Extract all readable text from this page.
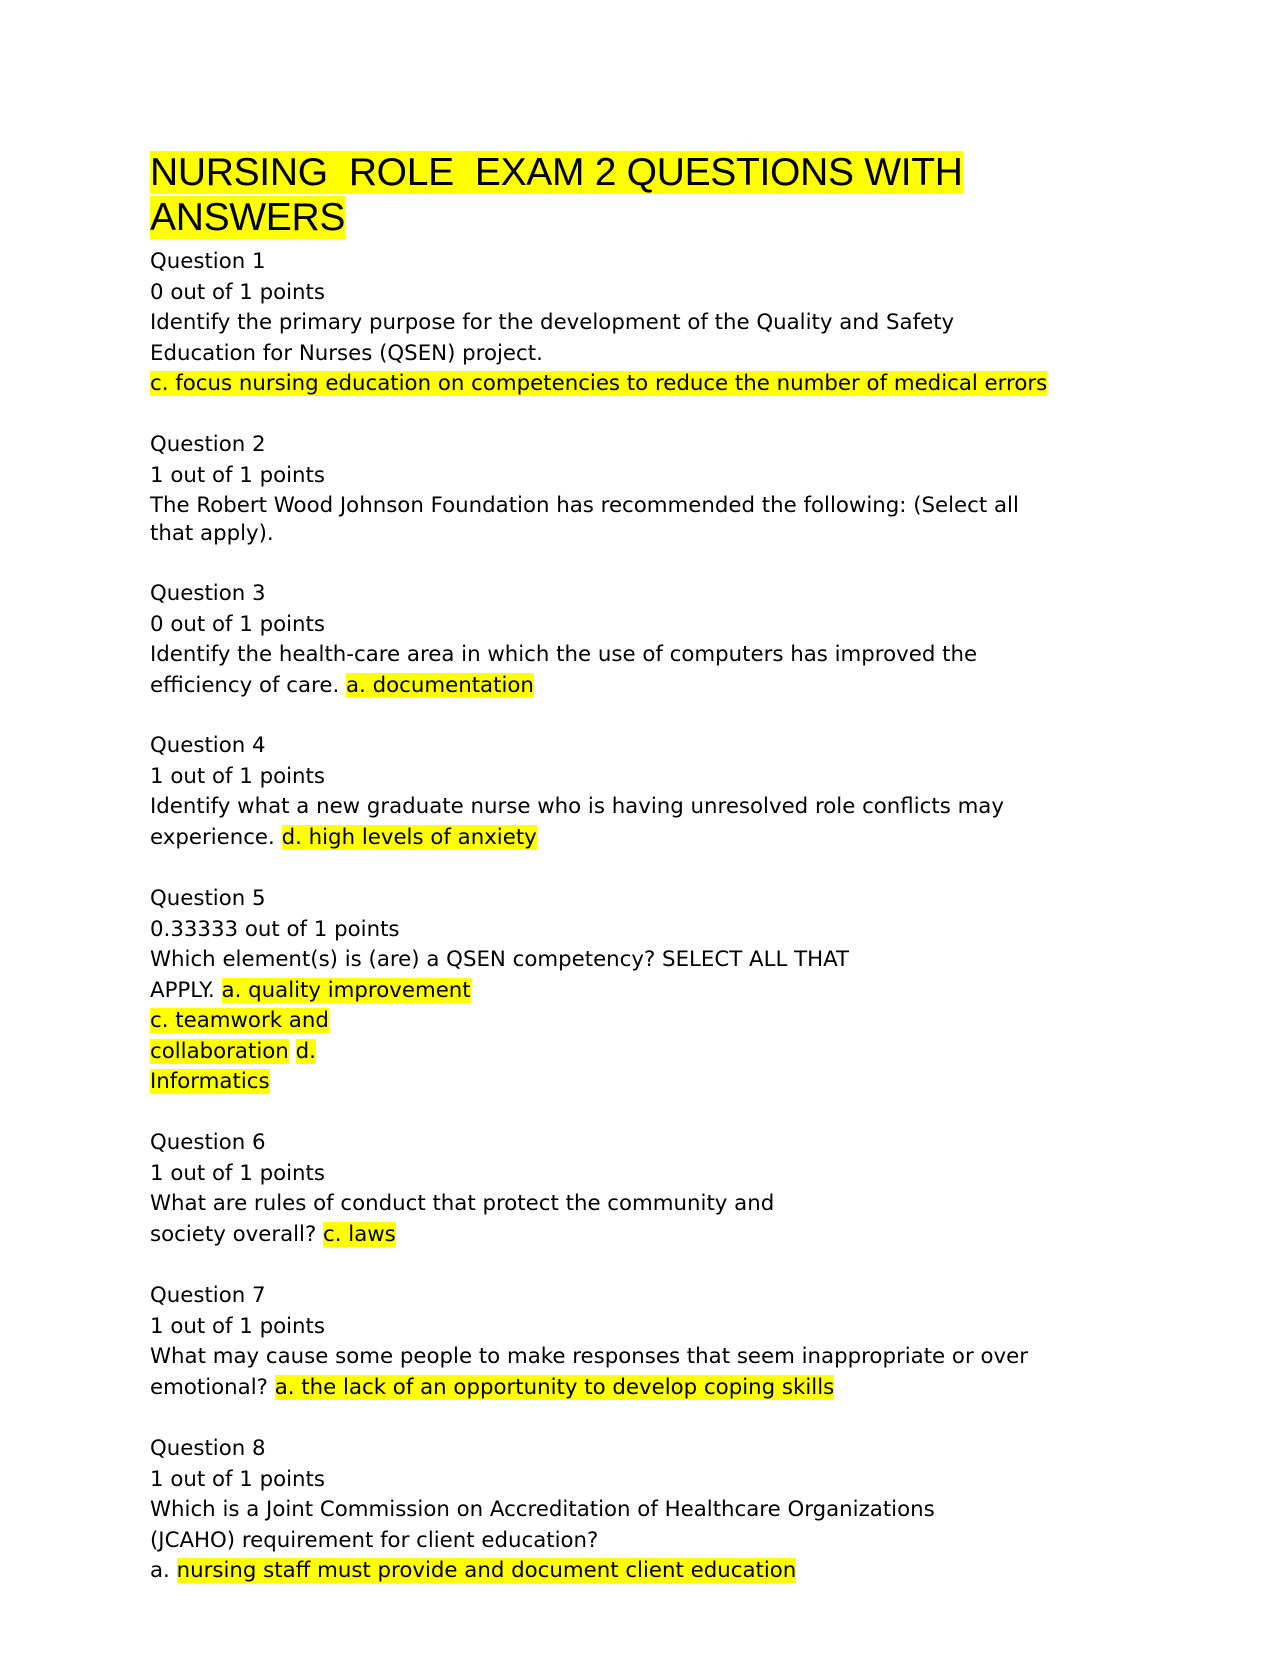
NURSING  ROLE  EXAM 2 QUESTIONS WITH
ANSWERS
Question 1
0 out of 1 points
Identify the primary purpose for the development of the Quality and Safety
Education for Nurses (QSEN) project.
c. focus nursing education on competencies to reduce the number of medical errors
Question 2
1 out of 1 points
The Robert Wood Johnson Foundation has recommended the following: (Select all
that apply).
Question 3
0 out of 1 points
Identify the health-care area in which the use of computers has improved the
efficiency of care. a. documentation
Question 4
1 out of 1 points
Identify what a new graduate nurse who is having unresolved role conflicts may
experience. d. high levels of anxiety
Question 5
0.33333 out of 1 points
Which element(s) is (are) a QSEN competency? SELECT ALL THAT
APPLY. a. quality improvement
c. teamwork and
collaboration d.
Informatics
Question 6
1 out of 1 points
What are rules of conduct that protect the community and
society overall? c. laws
Question 7
1 out of 1 points
What may cause some people to make responses that seem inappropriate or over
emotional? a. the lack of an opportunity to develop coping skills
Question 8
1 out of 1 points
Which is a Joint Commission on Accreditation of Healthcare Organizations
(JCAHO) requirement for client education?
a. nursing staff must provide and document client education
